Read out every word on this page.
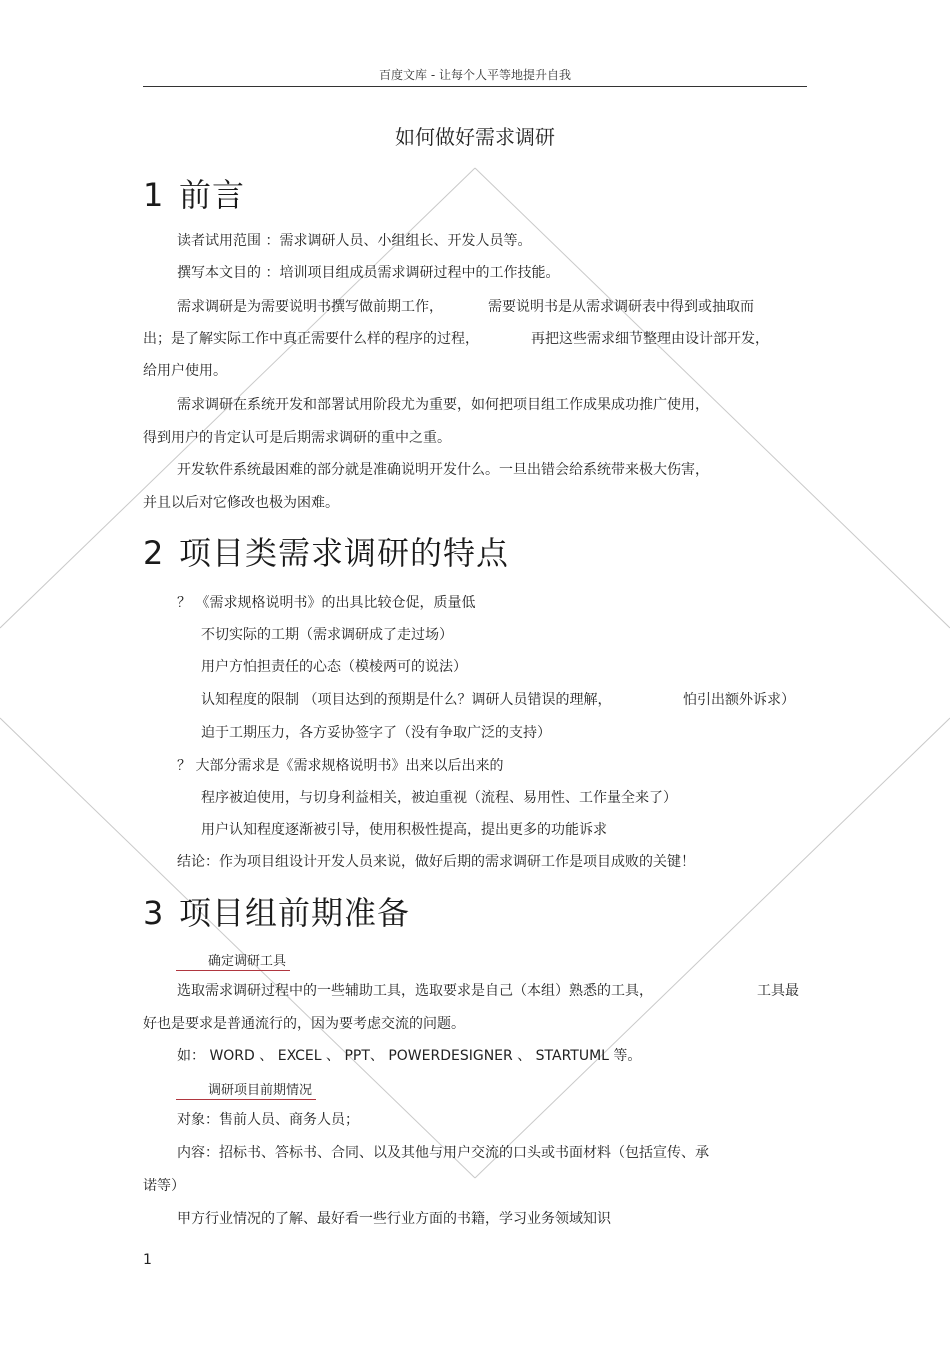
百度文库 - 让每个人平等地提升自我
如何做好需求调研
1 前言
读者试用范围 ：需求调研人员、小组组长、开发人员等。
撰写本文目的 ：培训项目组成员需求调研过程中的工作技能。
需求调研是为需要说明书撰写做前期工作，	需要说明书是从需求调研表中得到或抽取而
出；是了解实际工作中真正需要什么样的程序的过程，	再把这些需求细节整理由设计部开发，
给用户使用。
需求调研在系统开发和部署试用阶段尤为重要，如何把项目组工作成果成功推广使用，
得到用户的肯定认可是后期需求调研的重中之重。
开发软件系统最困难的部分就是准确说明开发什么。一旦出错会给系统带来极大伤害，
并且以后对它修改也极为困难。
2 项目类需求调研的特点
？ 《需求规格说明书》的出具比较仓促，质量低
不切实际的工期（需求调研成了走过场）
用户方怕担责任的心态（模棱两可的说法）
认知程度的限制 （项目达到的预期是什么？调研人员错误的理解，	怕引出额外诉求）
迫于工期压力，各方妥协签字了（没有争取广泛的支持）
？ 大部分需求是《需求规格说明书》出来以后出来的
程序被迫使用，与切身利益相关，被迫重视（流程、易用性、工作量全来了）
用户认知程度逐渐被引导，使用积极性提高，提出更多的功能诉求
结论：作为项目组设计开发人员来说，做好后期的需求调研工作是项目成败的关键！
3 项目组前期准备
确定调研工具
选取需求调研过程中的一些辅助工具，选取要求是自己（本组）熟悉的工具，	工具最
好也是要求是普通流行的，因为要考虑交流的问题。
如： WORD 、 EXCEL 、 PPT、 POWERDESIGNER 、 STARTUML 等。
调研项目前期情况
对象：售前人员、商务人员；
内容：招标书、答标书、合同、以及其他与用户交流的口头或书面材料（包括宣传、承
诺等）
甲方行业情况的了解、最好看一些行业方面的书籍，学习业务领域知识
1
